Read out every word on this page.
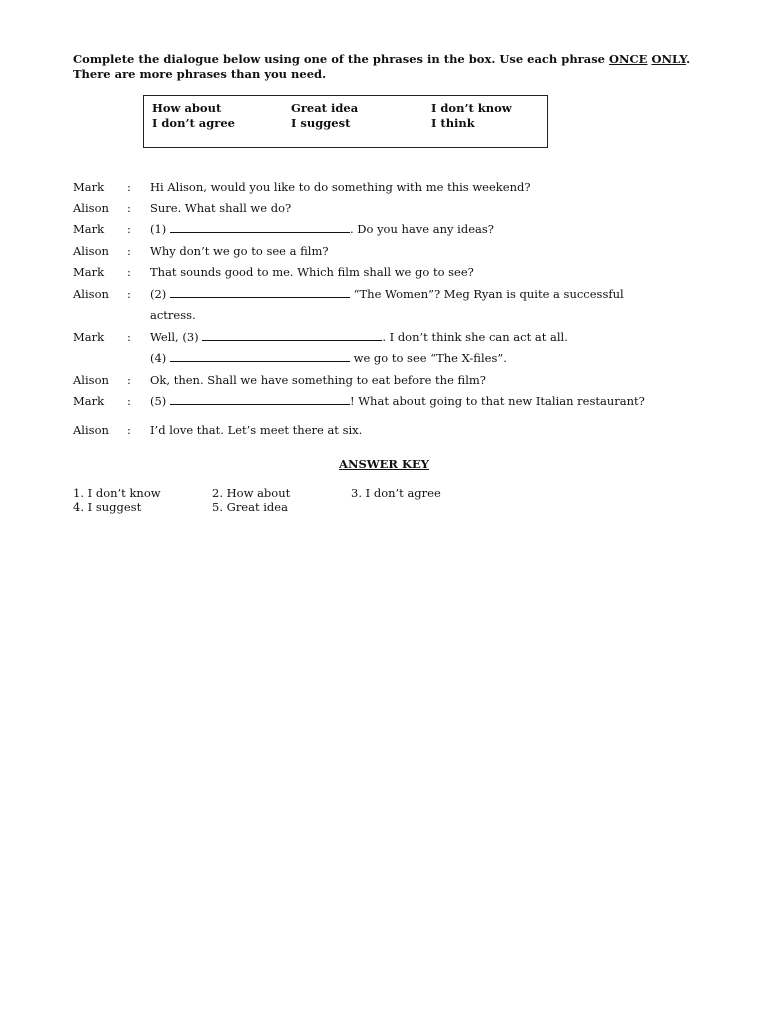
Complete the dialogue below using one of the phrases in the box. Use each phrase ONCE ONLY. There are more phrases than you need.
How about	Great idea	I don’t know
I don’t agree	I suggest	I think
Mark : Hi Alison, would you like to do something with me this weekend?
Alison : Sure. What shall we do?
Mark : (1)	. Do you have any ideas?
Alison : Why don’t we go to see a film?
Mark : That sounds good to me. Which film shall we go to see?
Alison : (2)	“The Women”? Meg Ryan is quite a successful
actress.
Mark : Well, (3)	. I don’t think she can act at all.
(4)	we go to see “The X-files”.
Alison : Ok, then. Shall we have something to eat before the film?
Mark : (5)	! What about going to that new Italian restaurant?
Alison : I’d love that. Let’s meet there at six.
ANSWER KEY
1. I don’t know	2. How about	3. I don’t agree
4. I suggest	5. Great idea
